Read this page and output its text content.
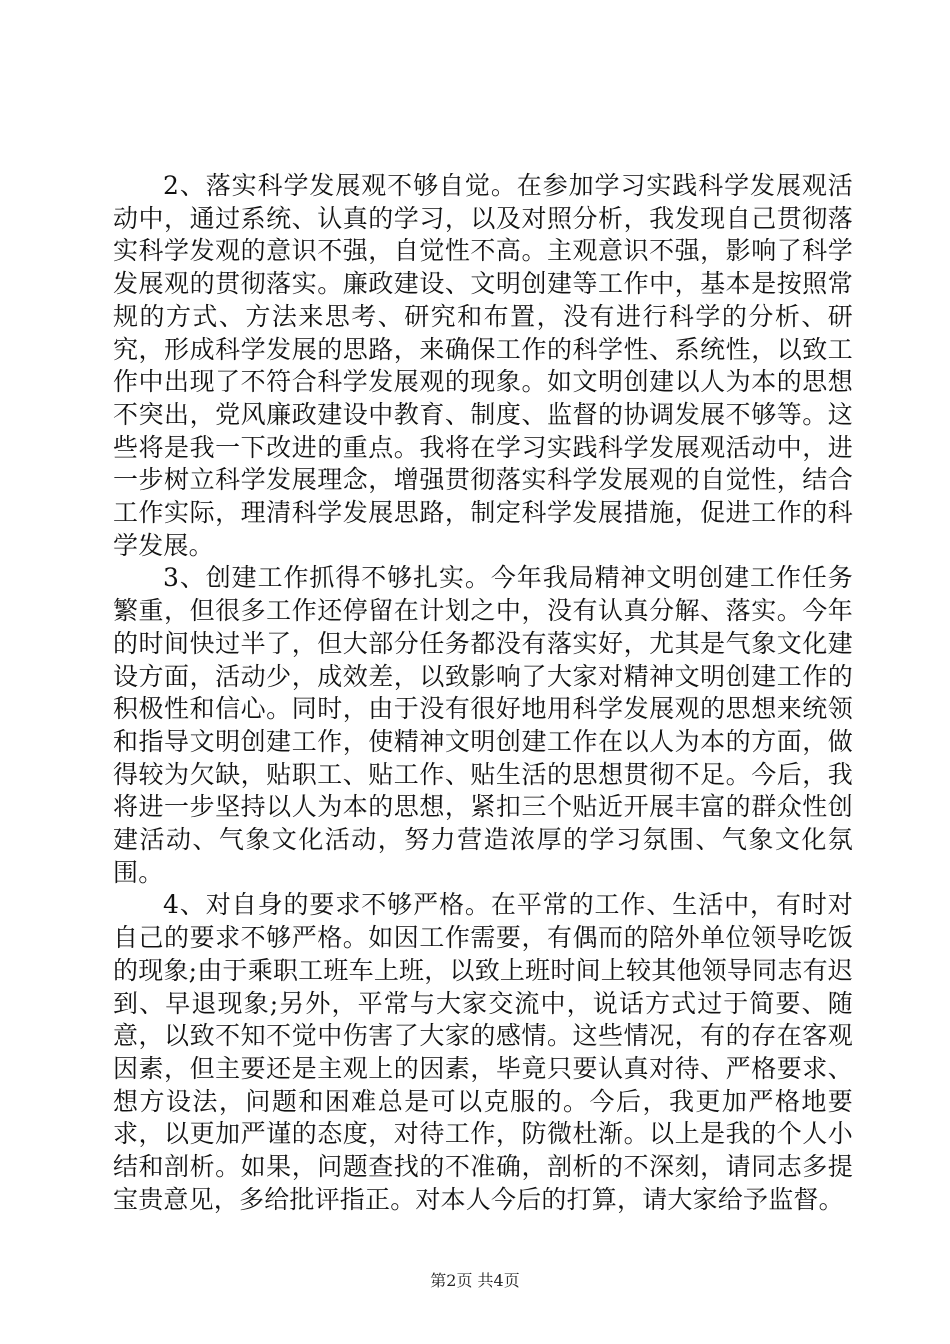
2、落实科学发展观不够自觉。在参加学习实践科学发展观活动中，通过系统、认真的学习，以及对照分析，我发现自己贯彻落实科学发观的意识不强，自觉性不高。主观意识不强，影响了科学发展观的贯彻落实。廉政建设、文明创建等工作中，基本是按照常规的方式、方法来思考、研究和布置，没有进行科学的分析、研究，形成科学发展的思路，来确保工作的科学性、系统性，以致工作中出现了不符合科学发展观的现象。如文明创建以人为本的思想不突出，党风廉政建设中教育、制度、监督的协调发展不够等。这些将是我一下改进的重点。我将在学习实践科学发展观活动中，进一步树立科学发展理念，增强贯彻落实科学发展观的自觉性，结合工作实际，理清科学发展思路，制定科学发展措施，促进工作的科学发展。

3、创建工作抓得不够扎实。今年我局精神文明创建工作任务繁重，但很多工作还停留在计划之中，没有认真分解、落实。今年的时间快过半了，但大部分任务都没有落实好，尤其是气象文化建设方面，活动少，成效差，以致影响了大家对精神文明创建工作的积极性和信心。同时，由于没有很好地用科学发展观的思想来统领和指导文明创建工作，使精神文明创建工作在以人为本的方面，做得较为欠缺，贴职工、贴工作、贴生活的思想贯彻不足。今后，我将进一步坚持以人为本的思想，紧扣三个贴近开展丰富的群众性创建活动、气象文化活动，努力营造浓厚的学习氛围、气象文化氛围。

4、对自身的要求不够严格。在平常的工作、生活中，有时对自己的要求不够严格。如因工作需要，有偶而的陪外单位领导吃饭的现象;由于乘职工班车上班，以致上班时间上较其他领导同志有迟到、早退现象;另外，平常与大家交流中，说话方式过于简要、随意，以致不知不觉中伤害了大家的感情。这些情况，有的存在客观因素，但主要还是主观上的因素，毕竟只要认真对待、严格要求、想方设法，问题和困难总是可以克服的。今后，我更加严格地要求，以更加严谨的态度，对待工作，防微杜渐。以上是我的个人小结和剖析。如果，问题查找的不准确，剖析的不深刻，请同志多提宝贵意见，多给批评指正。对本人今后的打算，请大家给予监督。

第2页 共4页
